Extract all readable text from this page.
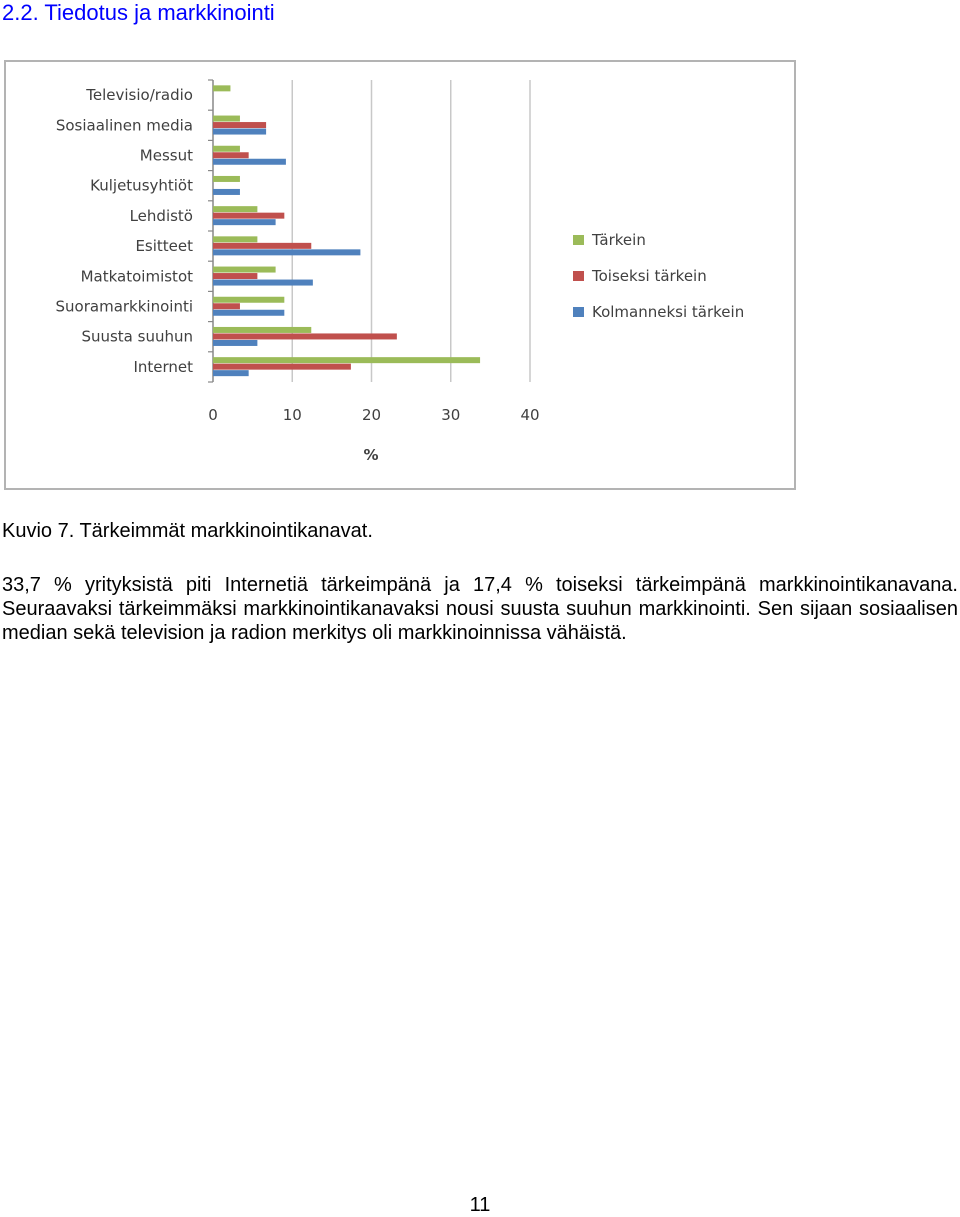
2.2. Tiedotus ja markkinointi
Televisio/radio
Sosiaalinen media
Messut
Kuljetusyhtiöt
Lehdistö
Esitteet
Matkatoimistot
Suoramarkkinointi
Suusta suuhun
Internet
0	10	20	30	40
%
Tärkein
Toiseksi tärkein
Kolmanneksi tärkein

Kuvio 7. Tärkeimmät markkinointikanavat.

33,7 % yrityksistä piti Internetiä tärkeimpänä ja 17,4 % toiseksi tärkeimpänä markkinointikanavana. Seuraavaksi tärkeimmäksi markkinointikanavaksi nousi suusta suuhun markkinointi. Sen sijaan sosiaalisen median sekä television ja radion merkitys oli markkinoinnissa vähäistä.

11
